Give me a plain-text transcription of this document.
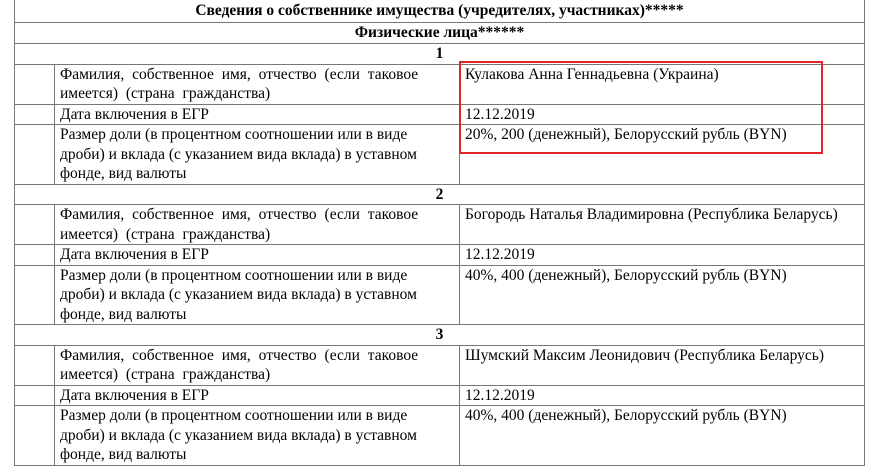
Сведения о собственнике имущества (учредителях, участниках)*****		
Физические лица******		
1		
	Фамилия, собственное имя, отчество (если таковое имеется) (страна гражданства)	Кулакова Анна Геннадьевна (Украина)
	Дата включения в ЕГР	12.12.2019
	Размер доли (в процентном соотношении или в виде дроби) и вклада (с указанием вида вклада) в уставном фонде, вид валюты	20%, 200 (денежный), Белорусский рубль (BYN)
2		
	Фамилия, собственное имя, отчество (если таковое имеется) (страна гражданства)	Богородь Наталья Владимировна (Республика Беларусь)
	Дата включения в ЕГР	12.12.2019
	Размер доли (в процентном соотношении или в виде дроби) и вклада (с указанием вида вклада) в уставном фонде, вид валюты	40%, 400 (денежный), Белорусский рубль (BYN)
3		
	Фамилия, собственное имя, отчество (если таковое имеется) (страна гражданства)	Шумский Максим Леонидович (Республика Беларусь)
	Дата включения в ЕГР	12.12.2019
	Размер доли (в процентном соотношении или в виде дроби) и вклада (с указанием вида вклада) в уставном фонде, вид валюты	40%, 400 (денежный), Белорусский рубль (BYN)
